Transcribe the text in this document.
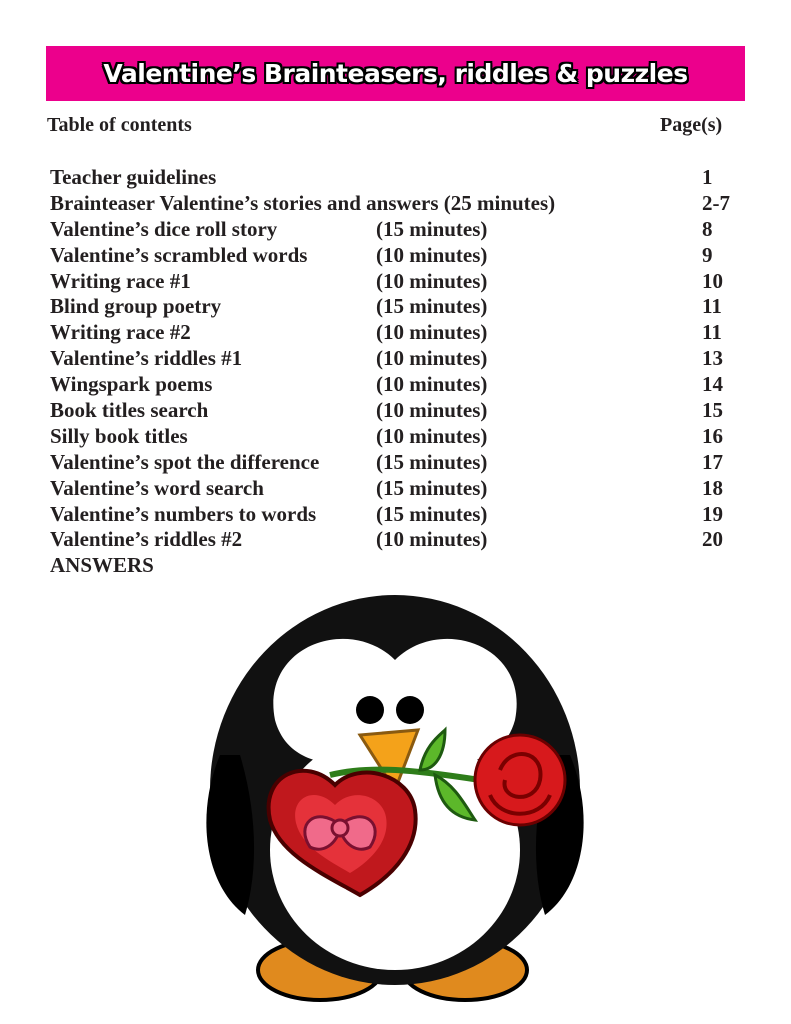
Valentine’s Brainteasers, riddles & puzzles
Table of contents	Page(s)
Teacher guidelines	1
Brainteaser Valentine’s stories and answers (25 minutes)	2-7
Valentine’s dice roll story	(15 minutes)	8
Valentine’s scrambled words	(10 minutes)	9
Writing race #1	(10 minutes)	10
Blind group poetry	(15 minutes)	11
Writing race #2	(10 minutes)	11
Valentine’s riddles #1	(10 minutes)	13
Wingspark poems	(10 minutes)	14
Book titles search	(10 minutes)	15
Silly book titles	(10 minutes)	16
Valentine’s spot the difference	(15 minutes)	17
Valentine’s word search	(15 minutes)	18
Valentine’s numbers to words	(15 minutes)	19
Valentine’s riddles #2	(10 minutes)	20
ANSWERS
